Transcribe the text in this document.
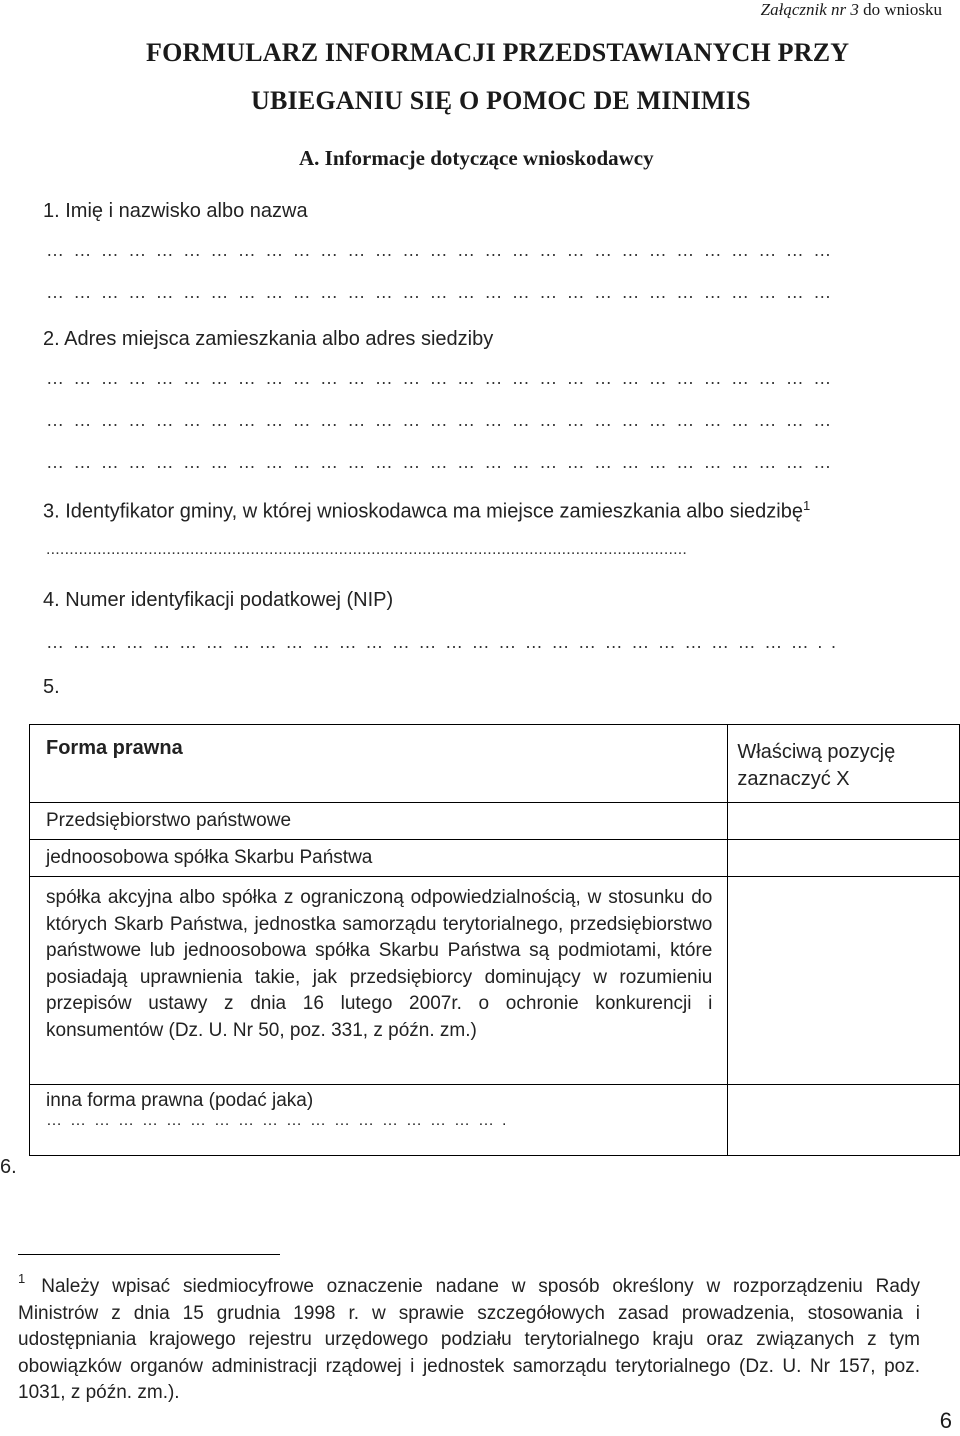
Załącznik nr 3 do wniosku
FORMULARZ INFORMACJI PRZEDSTAWIANYCH PRZY
UBIEGANIU SIĘ O POMOC DE MINIMIS
A. Informacje dotyczące wnioskodawcy
1. Imię i nazwisko albo nazwa
……………………………………………………………………………
……………………………………………………………………………
2. Adres miejsca zamieszkania albo adres siedziby
……………………………………………………………………………
……………………………………………………………………………
……………………………………………………………………………
3. Identyfikator gminy, w której wnioskodawca ma miejsce zamieszkania albo siedzibę$^1$
..........................................................................................................................................
4. Numer identyfikacji podatkowej (NIP)
……………………………………………………………………………..
5.
Forma prawna	Właściwą pozycję zaznaczyć X

Przedsiębiorstwo państwowe	

jednoosobowa spółka Skarbu Państwa	

spółka akcyjna albo spółka z ograniczoną odpowiedzialnością, w stosunku do których Skarb Państwa, jednostka samorządu terytorialnego, przedsiębiorstwo państwowe lub jednoosobowa spółka Skarbu Państwa są podmiotami, które posiadają uprawnienia takie, jak przedsiębiorcy dominujący w rozumieniu przepisów ustawy z dnia 16 lutego 2007r. o ochronie konkurencji i konsumentów (Dz. U. Nr 50, poz. 331, z późn. zm.)	

inna forma prawna (podać jaka)
………………………………………………….	

6.
$^1$ Należy wpisać siedmiocyfrowe oznaczenie nadane w sposób określony w rozporządzeniu Rady Ministrów z dnia 15 grudnia 1998 r. w sprawie szczegółowych zasad prowadzenia, stosowania i udostępniania krajowego rejestru urzędowego podziału terytorialnego kraju oraz związanych z tym obowiązków organów administracji rządowej i jednostek samorządu terytorialnego (Dz. U. Nr 157, poz. 1031, z późn. zm.).
6
